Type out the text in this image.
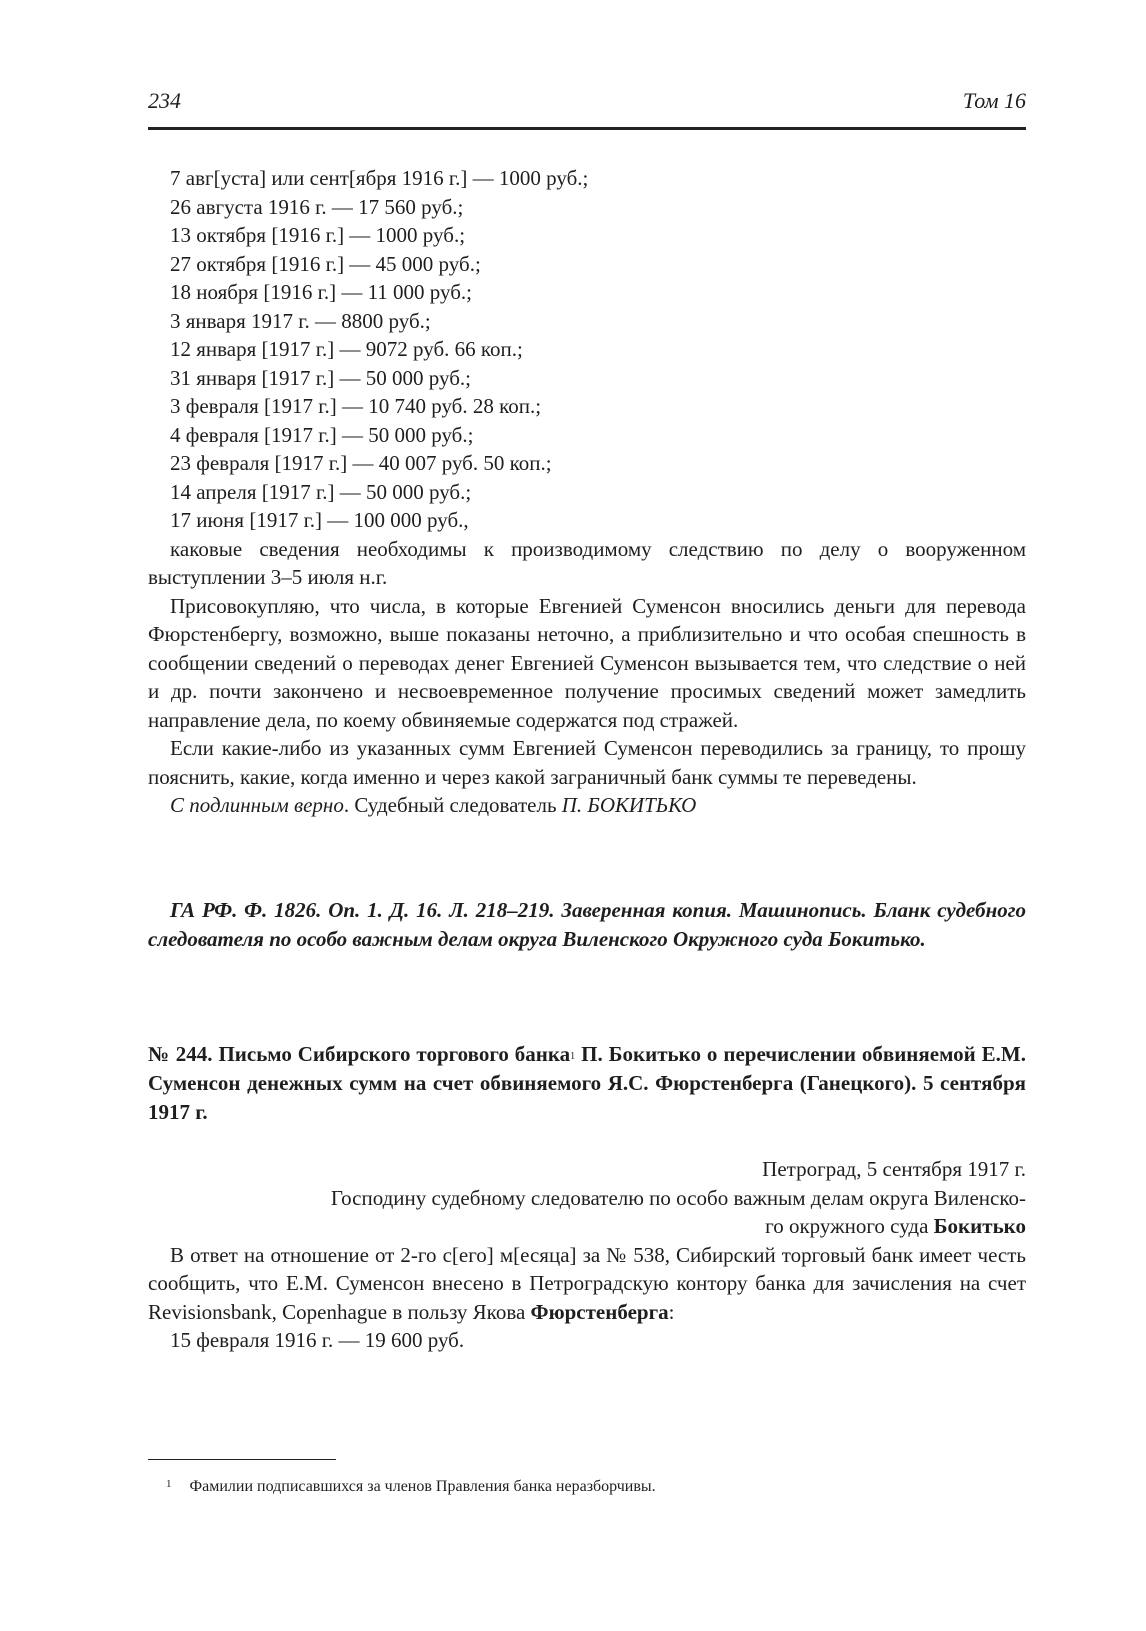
234	Том 16
7 авг[уста] или сент[ября 1916 г.] — 1000 руб.;
26 августа 1916 г. — 17 560 руб.;
13 октября [1916 г.] — 1000 руб.;
27 октября [1916 г.] — 45 000 руб.;
18 ноября [1916 г.] — 11 000 руб.;
3 января 1917 г. — 8800 руб.;
12 января [1917 г.] — 9072 руб. 66 коп.;
31 января [1917 г.] — 50 000 руб.;
3 февраля [1917 г.] — 10 740 руб. 28 коп.;
4 февраля [1917 г.] — 50 000 руб.;
23 февраля [1917 г.] — 40 007 руб. 50 коп.;
14 апреля [1917 г.] — 50 000 руб.;
17 июня [1917 г.] — 100 000 руб.,

каковые сведения необходимы к производимому следствию по делу о вооруженном выступлении 3–5 июля н.г.

Присовокупляю, что числа, в которые Евгенией Суменсон вносились деньги для перевода Фюрстенбергу, возможно, выше показаны неточно, а приблизительно и что особая спешность в сообщении сведений о переводах денег Евгенией Суменсон вызывается тем, что следствие о ней и др. почти закончено и несвоевременное получение просимых сведений может замедлить направление дела, по коему обвиняемые содержатся под стражей.

Если какие-либо из указанных сумм Евгенией Суменсон переводились за границу, то прошу пояснить, какие, когда именно и через какой заграничный банк суммы те переведены.

С подлинным верно. Судебный следователь П. БОКИТЬКО
ГА РФ. Ф. 1826. Оп. 1. Д. 16. Л. 218–219. Заверенная копия. Машинопись. Бланк судебного следователя по особо важным делам округа Виленского Окружного суда Бокитько.
№ 244. Письмо Сибирского торгового банка$^1$ П. Бокитько о перечислении обвиняемой Е.М. Суменсон денежных сумм на счет обвиняемого Я.С. Фюрстенберга (Ганецкого). 5 сентября 1917 г.
Петроград, 5 сентября 1917 г.
Господину судебному следователю по особо важным делам округа Виленско-
го окружного суда Бокитько

В ответ на отношение от 2-го с[его] м[есяца] за № 538, Сибирский торговый банк имеет честь сообщить, что Е.М. Суменсон внесено в Петроградскую контору банка для зачисления на счет Revisionsbank, Copenhague в пользу Якова Фюрстенберга:

15 февраля 1916 г. — 19 600 руб.
$^1$ Фамилии подписавшихся за членов Правления банка неразборчивы.
